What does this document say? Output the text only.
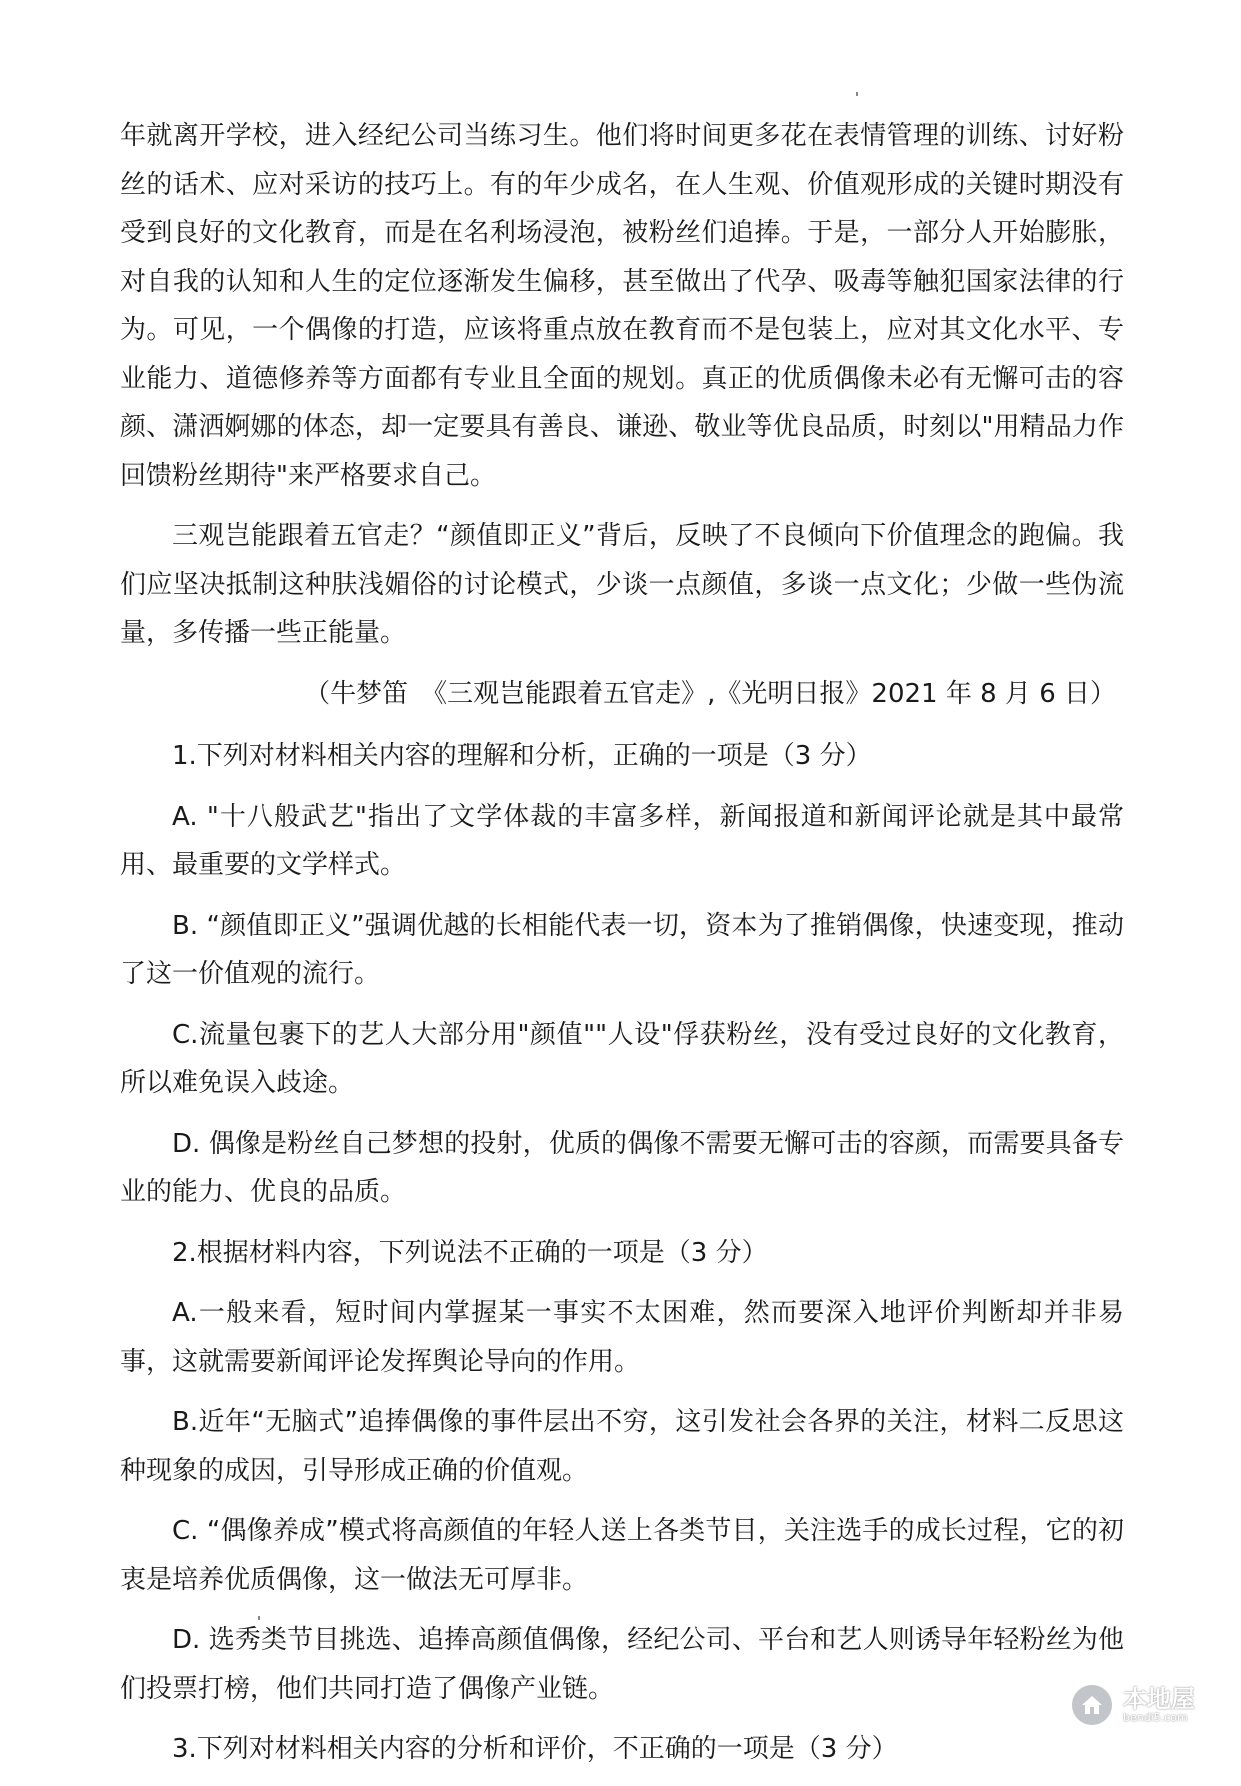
年就离开学校，进入经纪公司当练习生。他们将时间更多花在表情管理的训练、讨好粉丝的话术、应对采访的技巧上。有的年少成名，在人生观、价值观形成的关键时期没有受到良好的文化教育，而是在名利场浸泡，被粉丝们追捧。于是，一部分人开始膨胀，对自我的认知和人生的定位逐渐发生偏移，甚至做出了代孕、吸毒等触犯国家法律的行为。可见，一个偶像的打造，应该将重点放在教育而不是包装上，应对其文化水平、专业能力、道德修养等方面都有专业且全面的规划。真正的优质偶像未必有无懈可击的容颜、潇洒婀娜的体态，却一定要具有善良、谦逊、敬业等优良品质，时刻以"用精品力作回馈粉丝期待"来严格要求自己。

三观岂能跟着五官走？“颜值即正义”背后，反映了不良倾向下价值理念的跑偏。我们应坚决抵制这种肤浅媚俗的讨论模式，少谈一点颜值，多谈一点文化；少做一些伪流量，多传播一些正能量。

（牛梦笛　《三观岂能跟着五官走》,《光明日报》2021 年 8 月 6 日）

1.下列对材料相关内容的理解和分析，正确的一项是（3 分）

A. "十八般武艺"指出了文学体裁的丰富多样，新闻报道和新闻评论就是其中最常用、最重要的文学样式。

B. “颜值即正义”强调优越的长相能代表一切，资本为了推销偶像，快速变现，推动了这一价值观的流行。

C.流量包裹下的艺人大部分用"颜值""人设"俘获粉丝，没有受过良好的文化教育，所以难免误入歧途。

D. 偶像是粉丝自己梦想的投射，优质的偶像不需要无懈可击的容颜，而需要具备专业的能力、优良的品质。

2.根据材料内容，下列说法不正确的一项是（3 分）

A.一般来看，短时间内掌握某一事实不太困难，然而要深入地评价判断却并非易事，这就需要新闻评论发挥舆论导向的作用。

B.近年“无脑式”追捧偶像的事件层出不穷，这引发社会各界的关注，材料二反思这种现象的成因，引导形成正确的价值观。

C. “偶像养成”模式将高颜值的年轻人送上各类节目，关注选手的成长过程，它的初衷是培养优质偶像，这一做法无可厚非。

D. 选秀类节目挑选、追捧高颜值偶像，经纪公司、平台和艺人则诱导年轻粉丝为他们投票打榜，他们共同打造了偶像产业链。

3.下列对材料相关内容的分析和评价，不正确的一项是（3 分）

本地屋
bendi5.com
